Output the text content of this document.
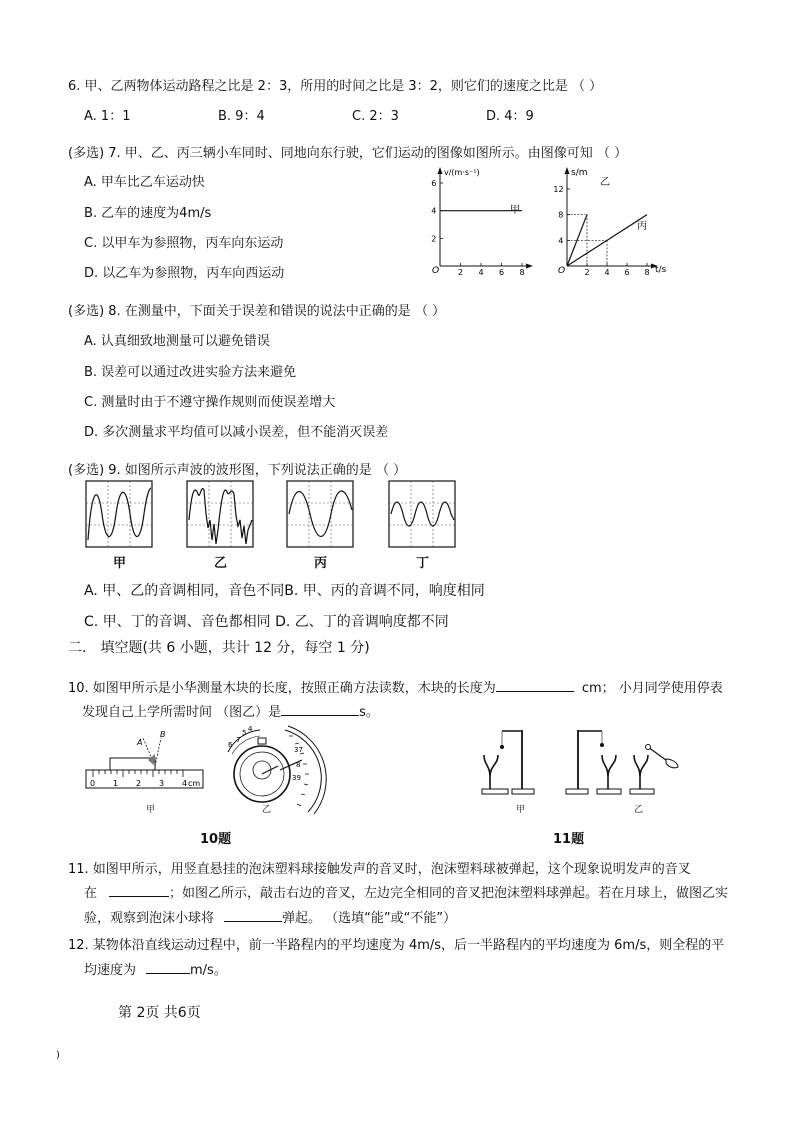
6. 甲、乙两物体运动路程之比是 2：3，所用的时间之比是 3：2，则它们的速度之比是 （ ）
A. 1：1	B. 9：4	C. 2：3	D. 4：9
(多选) 7. 甲、乙、丙三辆小车同时、同地向东行驶，它们运动的图像如图所示。由图像可知 （ ）
A. 甲车比乙车运动快
B. 乙车的速度为4m/s
C. 以甲车为参照物，丙车向东运动
D. 以乙车为参照物，丙车向西运动
v/(m·s⁻¹)
O 2 4 6 8
2
4
6
甲
s/m
t/s
O 2 4 6 8
4
8
12
乙
丙
(多选) 8. 在测量中，下面关于误差和错误的说法中正确的是 （ ）
A. 认真细致地测量可以避免错误
B. 误差可以通过改进实验方法来避免
C. 测量时由于不遵守操作规则而使误差增大
D. 多次测量求平均值可以减小误差，但不能消灭误差
(多选) 9. 如图所示声波的波形图，下列说法正确的是 （ ）
甲	乙	丙	丁
A. 甲、乙的音调相同，音色不同B. 甲、丙的音调不同，响度相同
C. 甲、丁的音调、音色都相同 D. 乙、丁的音调响度都不同
二． 填空题(共 6 小题，共计 12 分，每空 1 分)
10. 如图甲所示是小华测量木块的长度，按照正确方法读数，木块的长度为	cm； 小月同学使用停表
发现自己上学所需时间 （图乙）是	s。
0 1 2 3 4 cm
A
B
6
7
5 4
37
8
39
甲	乙	甲	乙
10题	11题
11. 如图甲所示，用竖直悬挂的泡沫塑料球接触发声的音叉时，泡沫塑料球被弹起，这个现象说明发声的音叉
在	；如图乙所示，敲击右边的音叉，左边完全相同的音叉把泡沫塑料球弹起。若在月球上，做图乙实
验，观察到泡沫小球将	弹起。 （选填“能”或“不能”）
12. 某物体沿直线运动过程中，前一半路程内的平均速度为 4m/s，后一半路程内的平均速度为 6m/s，则全程的平
均速度为	m/s。
第 2页 共6页
)
